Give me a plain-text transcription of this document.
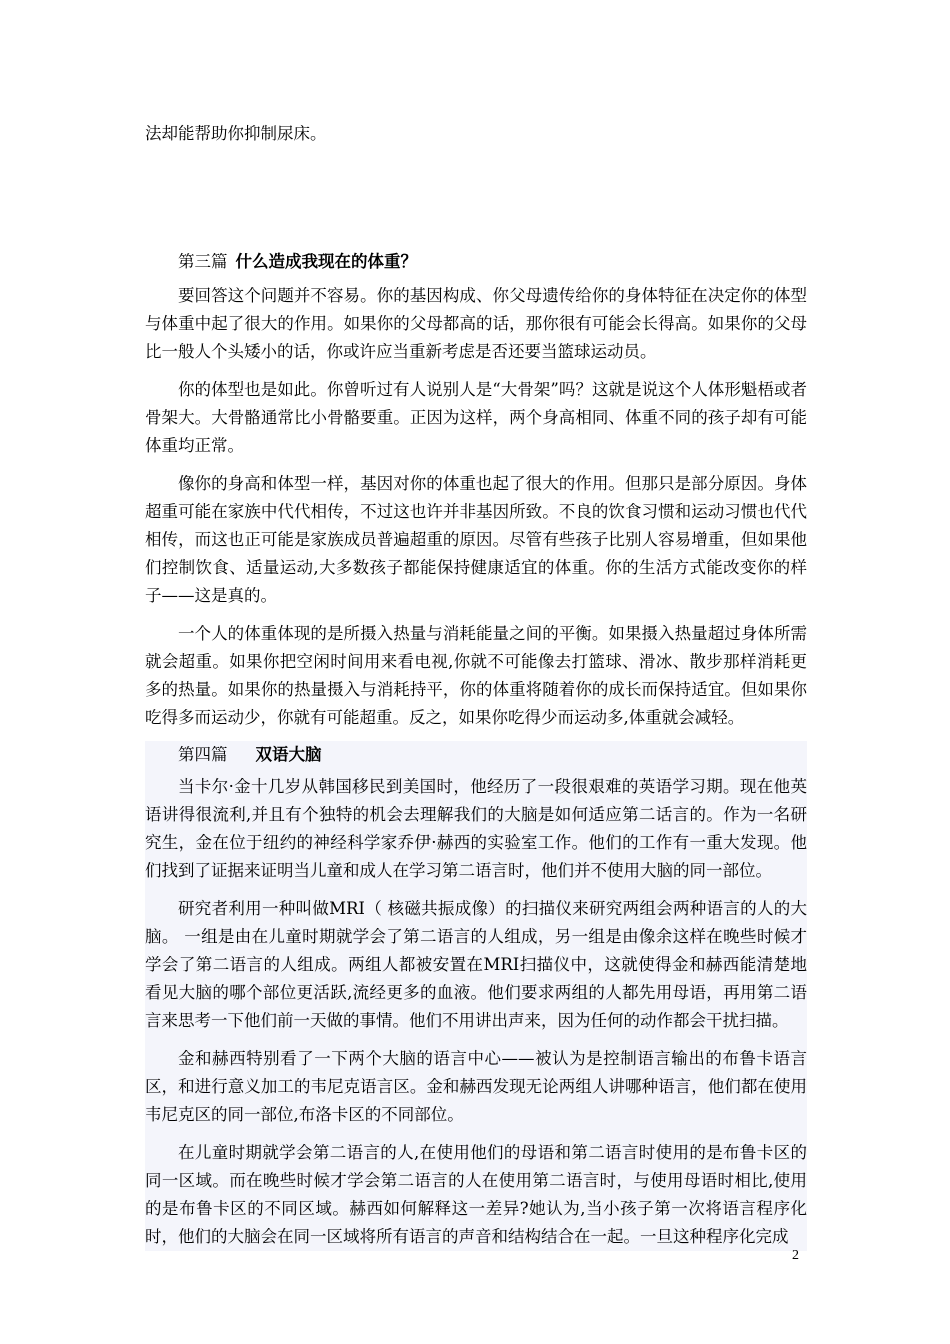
法却能帮助你抑制尿床。

第三篇 什么造成我现在的体重？

要回答这个问题并不容易。你的基因构成、你父母遗传给你的身体特征在决定你的体型与体重中起了很大的作用。如果你的父母都高的话，那你很有可能会长得高。如果你的父母比一般人个头矮小的话，你或许应当重新考虑是否还要当篮球运动员。

你的体型也是如此。你曾听过有人说别人是“大骨架”吗？这就是说这个人体形魁梧或者骨架大。大骨骼通常比小骨骼要重。正因为这样，两个身高相同、体重不同的孩子却有可能体重均正常。

像你的身高和体型一样，基因对你的体重也起了很大的作用。但那只是部分原因。身体超重可能在家族中代代相传，不过这也许并非基因所致。不良的饮食习惯和运动习惯也代代相传，而这也正可能是家族成员普遍超重的原因。尽管有些孩子比别人容易增重，但如果他们控制饮食、适量运动,大多数孩子都能保持健康适宜的体重。你的生活方式能改变你的样子——这是真的。

一个人的体重体现的是所摄入热量与消耗能量之间的平衡。如果摄入热量超过身体所需就会超重。如果你把空闲时间用来看电视,你就不可能像去打篮球、滑冰、散步那样消耗更多的热量。如果你的热量摄入与消耗持平，你的体重将随着你的成长而保持适宜。但如果你吃得多而运动少，你就有可能超重。反之，如果你吃得少而运动多,体重就会减轻。

第四篇 双语大脑

当卡尔·金十几岁从韩国移民到美国时，他经历了一段很艰难的英语学习期。现在他英语讲得很流利,并且有个独特的机会去理解我们的大脑是如何适应第二话言的。作为一名研究生，金在位于纽约的神经科学家乔伊·赫西的实验室工作。他们的工作有一重大发现。他们找到了证据来证明当儿童和成人在学习第二语言时，他们并不使用大脑的同一部位。

研究者利用一种叫做MRI（ 核磁共振成像）的扫描仪来研究两组会两种语言的人的大脑。 一组是由在儿童时期就学会了第二语言的人组成，另一组是由像余这样在晚些时候才学会了第二语言的人组成。两组人都被安置在MRI扫描仪中，这就使得金和赫西能清楚地看见大脑的哪个部位更活跃,流经更多的血液。他们要求两组的人都先用母语，再用第二语言来思考一下他们前一天做的事情。他们不用讲出声来，因为任何的动作都会干扰扫描。

金和赫西特别看了一下两个大脑的语言中心——被认为是控制语言输出的布鲁卡语言区，和进行意义加工的韦尼克语言区。金和赫西发现无论两组人讲哪种语言，他们都在使用韦尼克区的同一部位,布洛卡区的不同部位。

在儿童时期就学会第二语言的人,在使用他们的母语和第二语言时使用的是布鲁卡区的同一区域。而在晚些时候才学会第二语言的人在使用第二语言时，与使用母语时相比,使用的是布鲁卡区的不同区域。赫西如何解释这一差异?她认为,当小孩子第一次将语言程序化时，他们的大脑会在同一区域将所有语言的声音和结构结合在一起。一旦这种程序化完成

2
